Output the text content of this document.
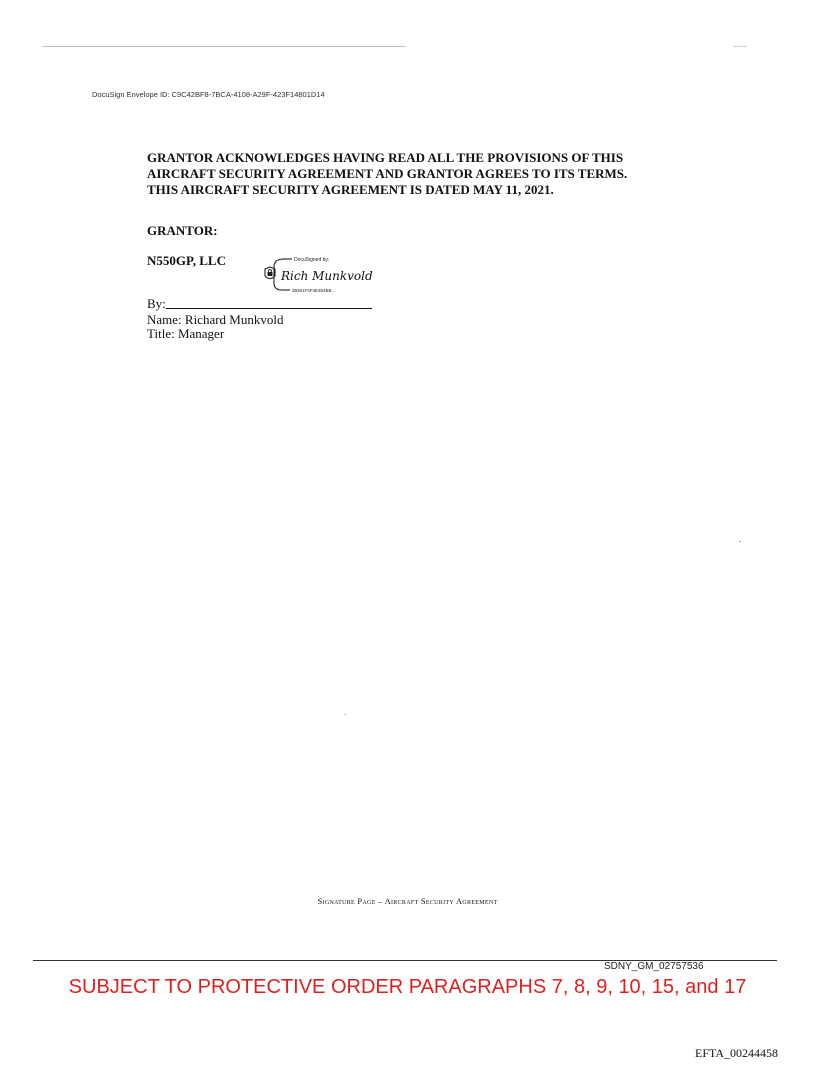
DocuSign Envelope ID: C9C42BF8-7BCA-4108-A29F-423F14801D14
GRANTOR ACKNOWLEDGES HAVING READ ALL THE PROVISIONS OF THIS
AIRCRAFT SECURITY AGREEMENT AND GRANTOR AGREES TO ITS TERMS.
THIS AIRCRAFT SECURITY AGREEMENT IS DATED MAY 11, 2021.
GRANTOR:
N550GP, LLC	DocuSigned by:
Rich Munkvold
38351F4F4E354BB...
By:
Name: Richard Munkvold
Title: Manager
Signature Page – Aircraft Security Agreement
SDNY_GM_02757536
SUBJECT TO PROTECTIVE ORDER PARAGRAPHS 7, 8, 9, 10, 15, and 17
EFTA_00244458
